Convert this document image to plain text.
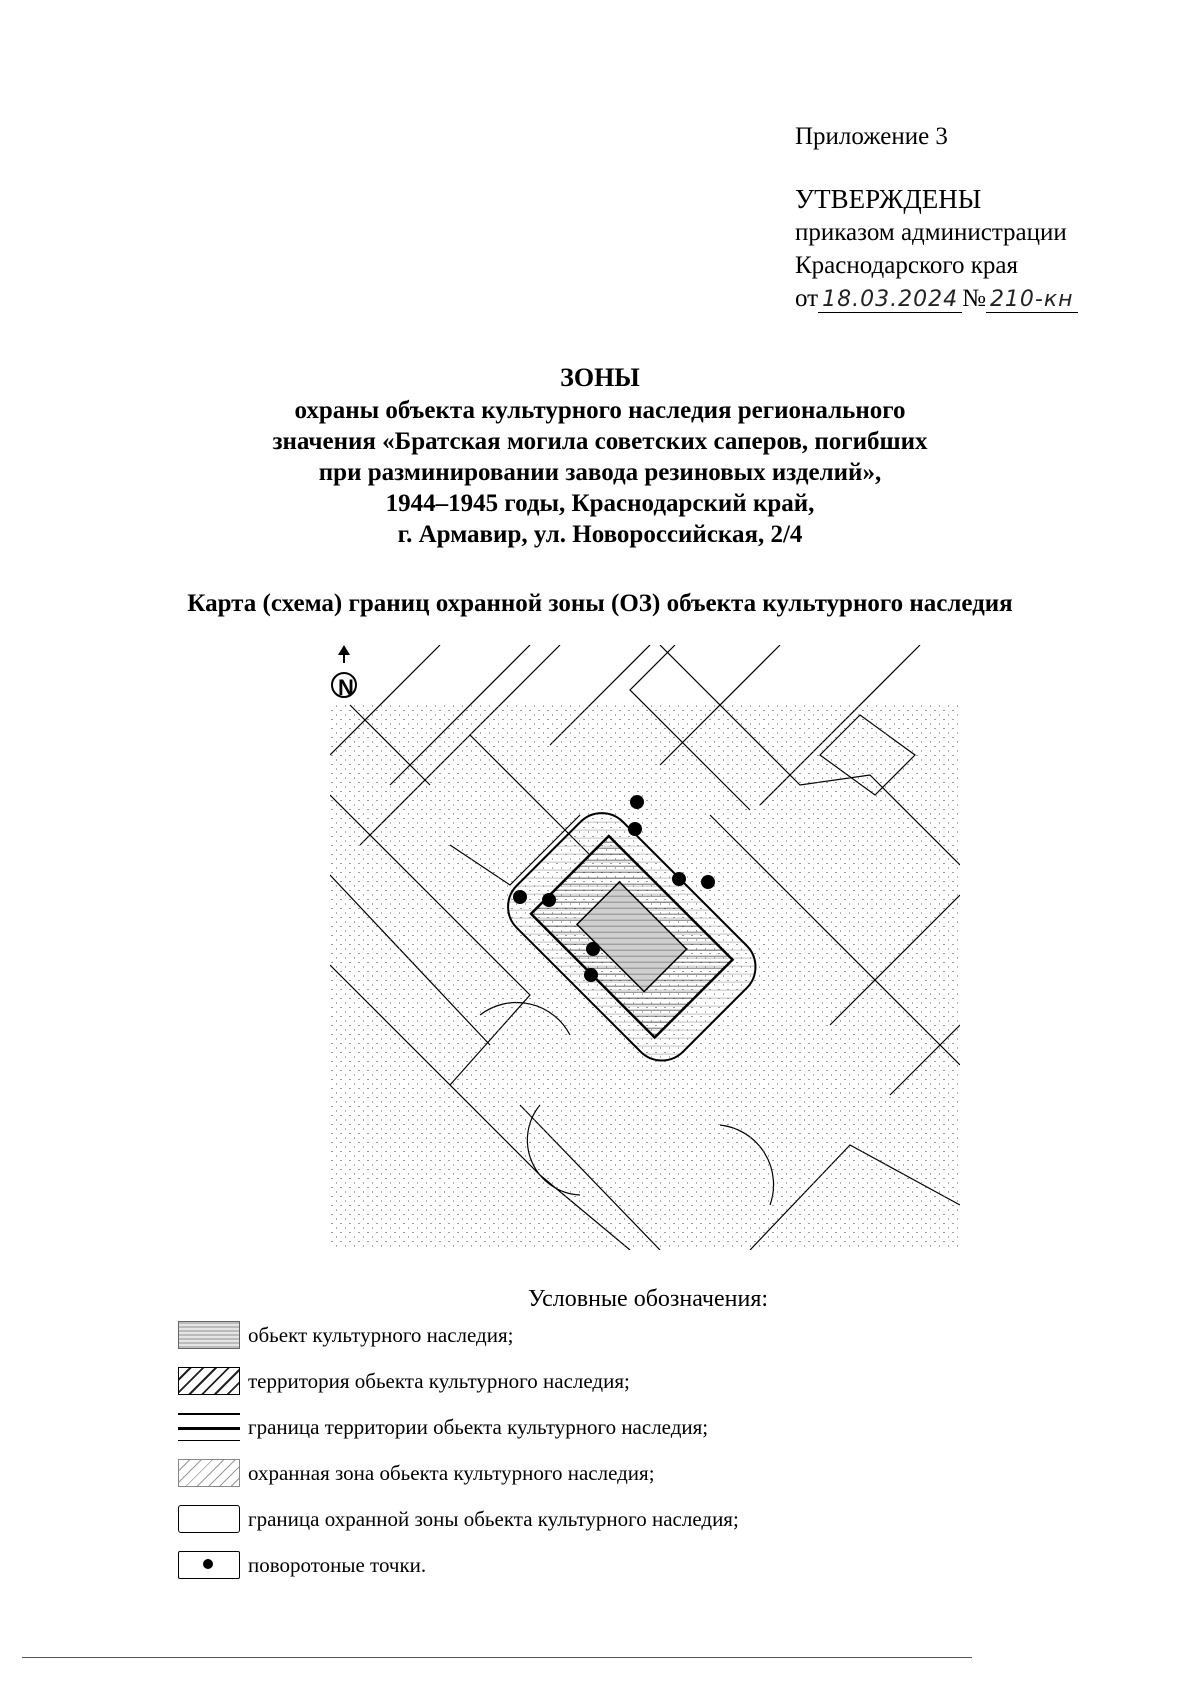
Приложение 3
УТВЕРЖДЕНЫ
приказом администрации
Краснодарского края
от 18.03.2024 № 210-кн
ЗОНЫ
охраны объекта культурного наследия регионального
значения «Братская могила советских саперов, погибших
при разминировании завода резиновых изделий»,
1944–1945 годы, Краснодарский край,
г. Армавир, ул. Новороссийская, 2/4
Карта (схема) границ охранной зоны (ОЗ) объекта культурного наследия
N
Условные обозначения:
обьект культурного наследия;
территория обьекта культурного наследия;
граница территории обьекта культурного наследия;
охранная зона обьекта культурного наследия;
граница охранной зоны обьекта культурного наследия;
поворотоные точки.
